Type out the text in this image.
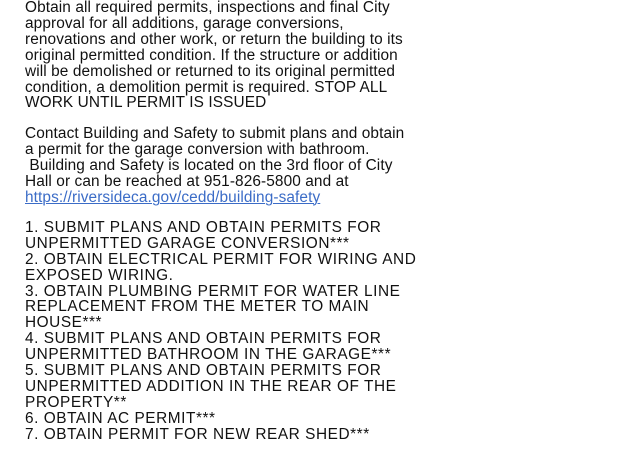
Obtain all required permits, inspections and final City
approval for all additions, garage conversions,
renovations and other work, or return the building to its
original permitted condition. If the structure or addition
will be demolished or returned to its original permitted
condition, a demolition permit is required. STOP ALL
WORK UNTIL PERMIT IS ISSUED
Contact Building and Safety to submit plans and obtain
a permit for the garage conversion with bathroom.
Building and Safety is located on the 3rd floor of City
Hall or can be reached at 951-826-5800 and at
https://riversideca.gov/cedd/building-safety
1. SUBMIT PLANS AND OBTAIN PERMITS FOR
UNPERMITTED GARAGE CONVERSION***
2. OBTAIN ELECTRICAL PERMIT FOR WIRING AND
EXPOSED WIRING.
3. OBTAIN PLUMBING PERMIT FOR WATER LINE
REPLACEMENT FROM THE METER TO MAIN
HOUSE***
4. SUBMIT PLANS AND OBTAIN PERMITS FOR
UNPERMITTED BATHROOM IN THE GARAGE***
5. SUBMIT PLANS AND OBTAIN PERMITS FOR
UNPERMITTED ADDITION IN THE REAR OF THE
PROPERTY**
6. OBTAIN AC PERMIT***
7. OBTAIN PERMIT FOR NEW REAR SHED***
